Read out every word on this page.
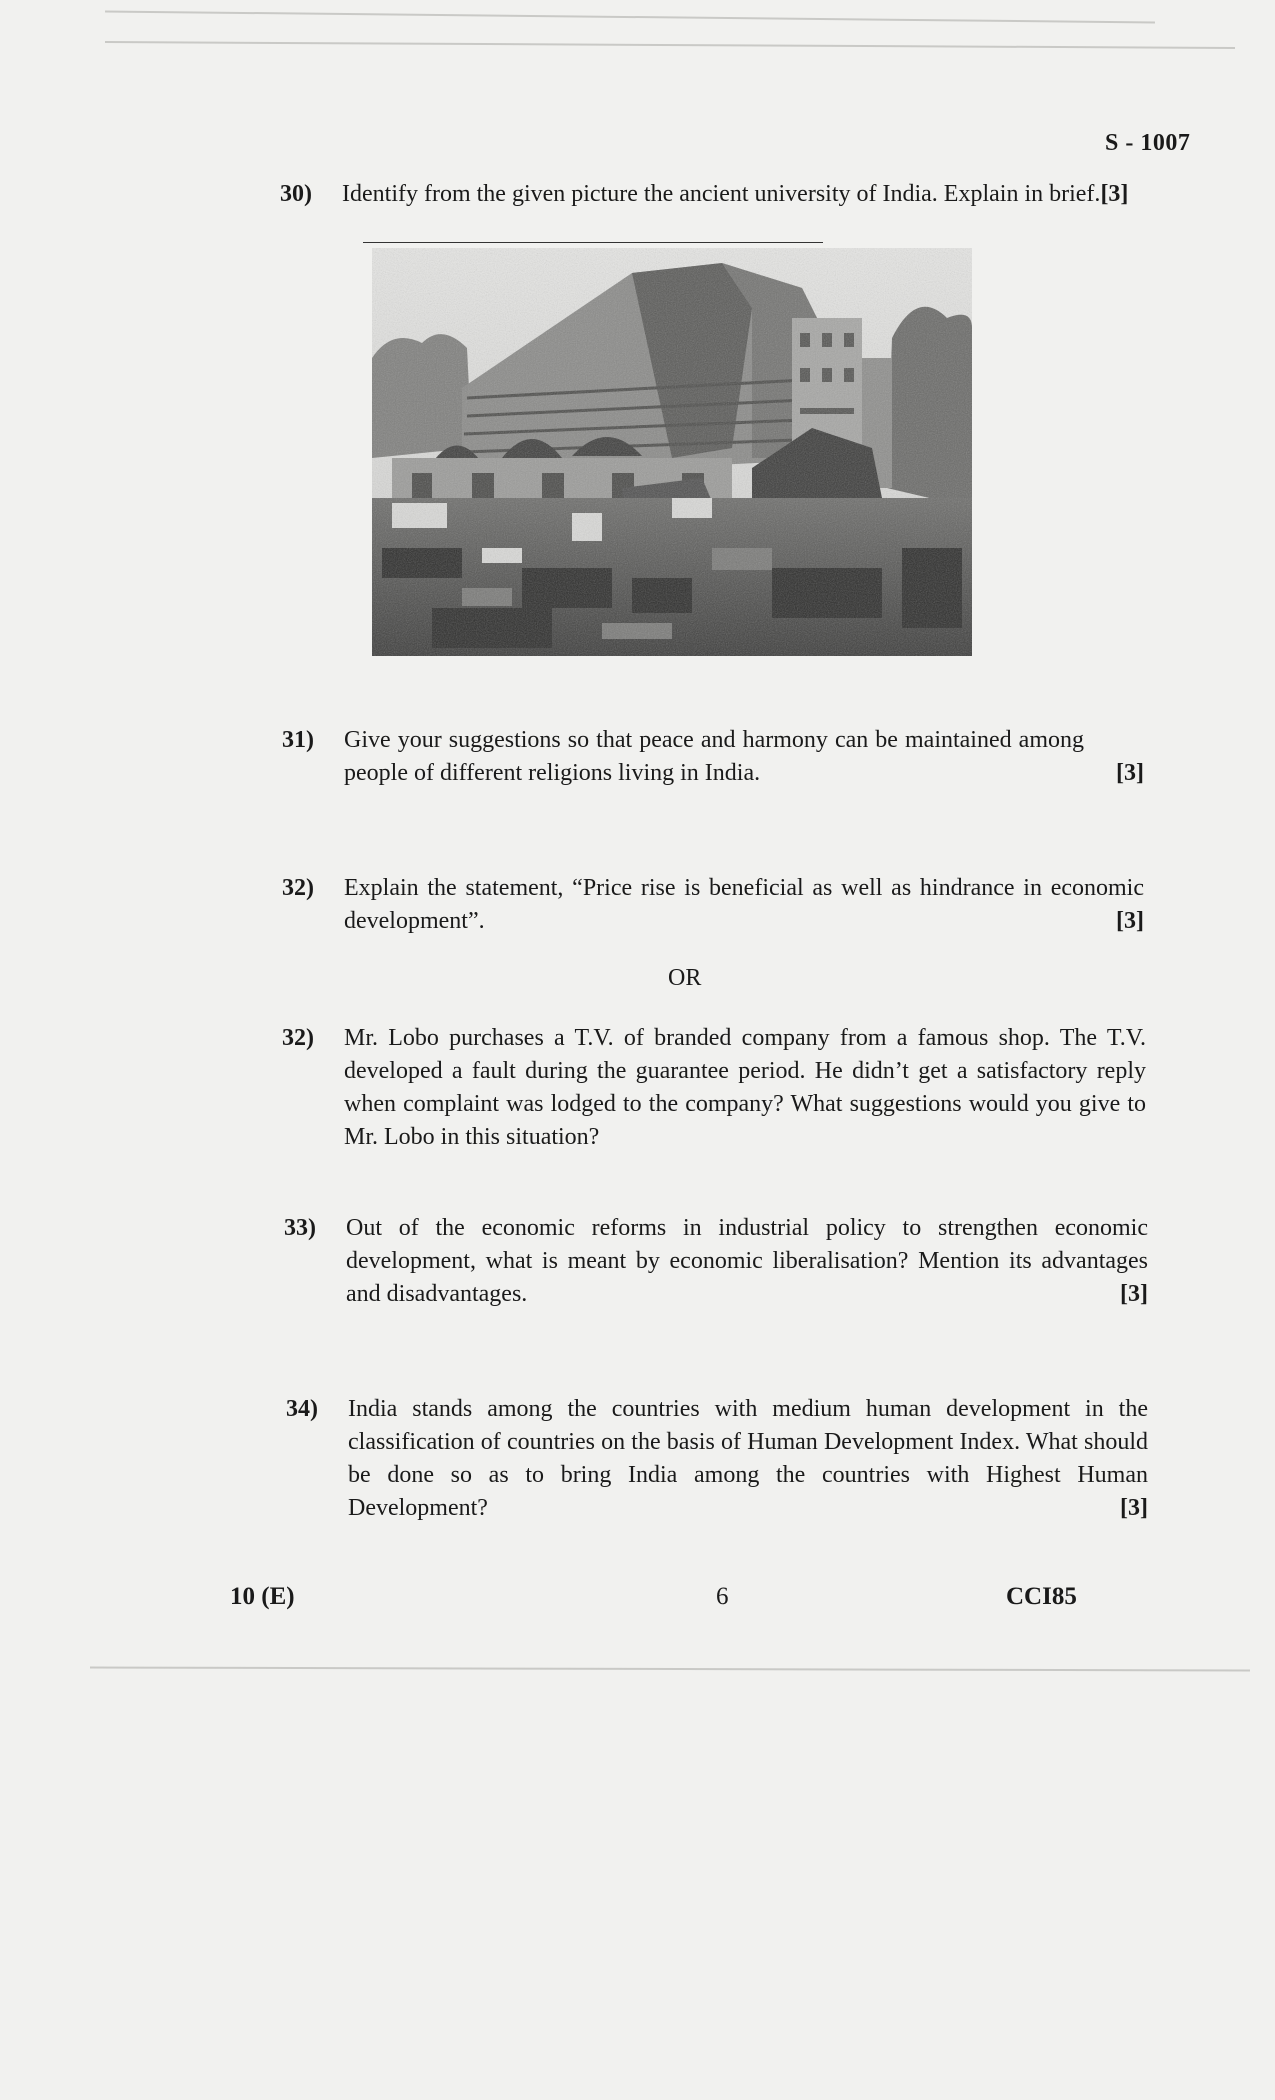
S - 1007
30) Identify from the given picture the ancient university of India. Explain in brief.[3]
31) Give your suggestions so that peace and harmony can be maintained among people of different religions living in India.	[3]
32) Explain the statement, “Price rise is beneficial as well as hindrance in economic development”.	[3]
OR
32) Mr. Lobo purchases a T.V. of branded company from a famous shop. The T.V. developed a fault during the guarantee period. He didn’t get a satisfactory reply when complaint was lodged to the company? What suggestions would you give to Mr. Lobo in this situation?
33) Out of the economic reforms in industrial policy to strengthen economic development, what is meant by economic liberalisation? Mention its advantages and disadvantages.	[3]
34) India stands among the countries with medium human development in the classification of countries on the basis of Human Development Index. What should be done so as to bring India among the countries with Highest Human Development?	[3]
10 (E)	6	CCI85
